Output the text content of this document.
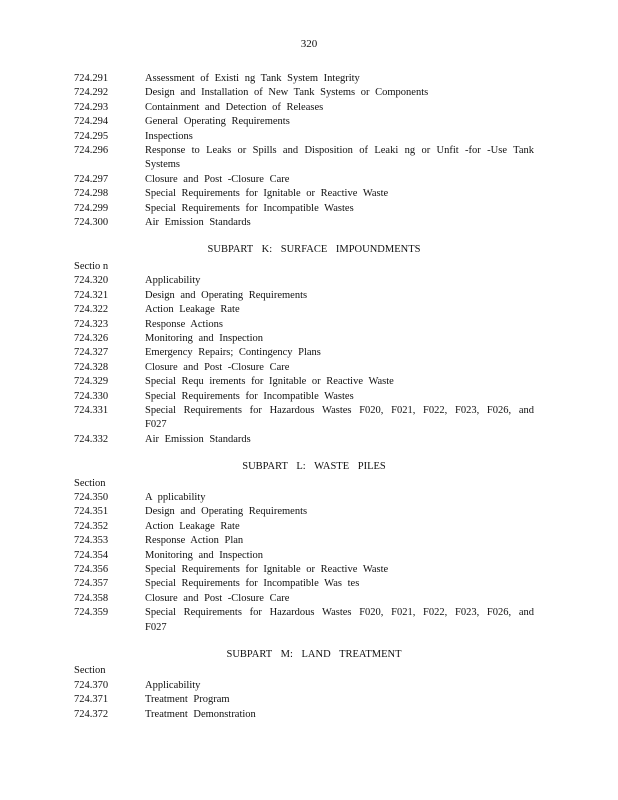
320
724.291	Assessment of Existi ng Tank System Integrity
724.292	Design and Installation of New Tank Systems or Components
724.293	Containment and Detection of Releases
724.294	General Operating Requirements
724.295	Inspections
724.296	Response to Leaks or Spills and Disposition of Leaki ng or Unfit -for -Use Tank Systems
724.297	Closure and Post -Closure Care
724.298	Special Requirements for Ignitable or Reactive Waste
724.299	Special Requirements for Incompatible Wastes
724.300	Air Emission Standards
SUBPART K: SURFACE IMPOUNDMENTS
Sectio n
724.320	Applicability
724.321	Design and Operating Requirements
724.322	Action Leakage Rate
724.323	Response Actions
724.326	Monitoring and Inspection
724.327	Emergency Repairs; Contingency Plans
724.328	Closure and Post -Closure Care
724.329	Special Requ irements for Ignitable or Reactive Waste
724.330	Special Requirements for Incompatible Wastes
724.331	Special Requirements for Hazardous Wastes F020, F021, F022, F023, F026, and F027
724.332	Air Emission Standards
SUBPART L: WASTE PILES
Section
724.350	A pplicability
724.351	Design and Operating Requirements
724.352	Action Leakage Rate
724.353	Response Action Plan
724.354	Monitoring and Inspection
724.356	Special Requirements for Ignitable or Reactive Waste
724.357	Special Requirements for Incompatible Was tes
724.358	Closure and Post -Closure Care
724.359	Special Requirements for Hazardous Wastes F020, F021, F022, F023, F026, and F027
SUBPART M: LAND TREATMENT
Section
724.370	Applicability
724.371	Treatment Program
724.372	Treatment Demonstration
